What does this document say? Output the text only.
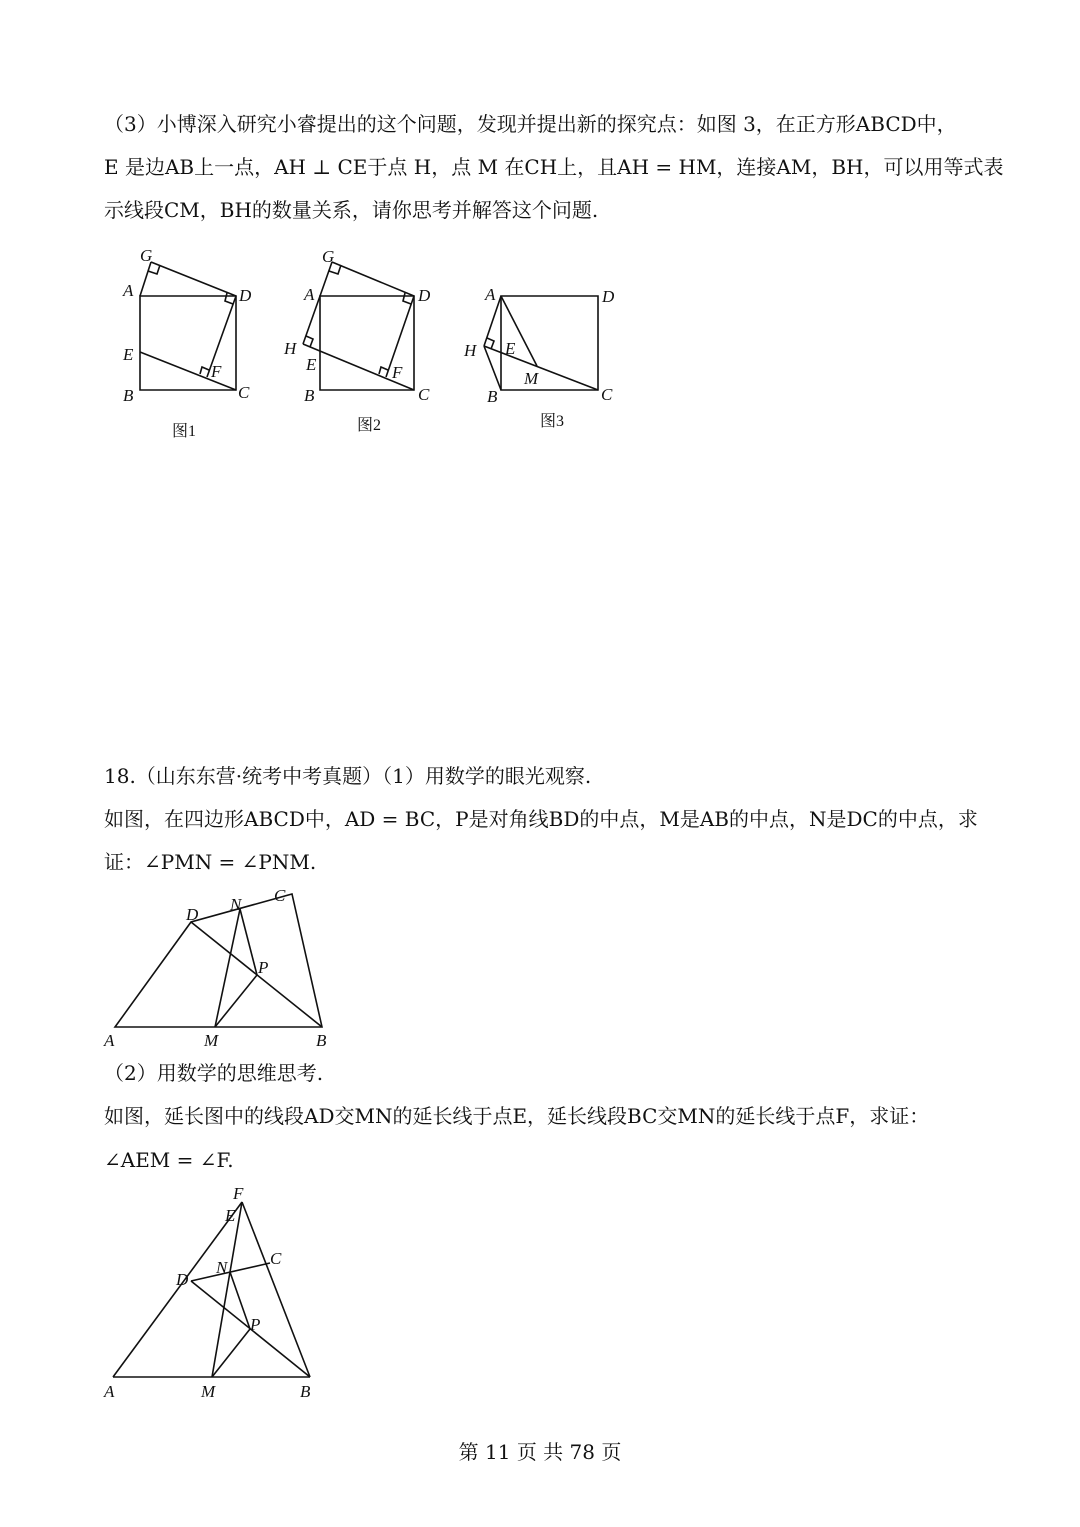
（3）小博深入研究小睿提出的这个问题，发现并提出新的探究点：如图 3，在正方形ABCD中，
E 是边AB上一点，AH ⊥ CE于点 H，点 M 在CH上，且AH = HM，连接AM，BH，可以用等式表
示线段CM，BH的数量关系，请你思考并解答这个问题.
G
A	D
E
F
B	C
图1
G
A	D
H
E	F
B	C
图2
A	D
H E
M
B	C
图3
18.（山东东营·统考中考真题）（1）用数学的眼光观察.
如图，在四边形ABCD中，AD = BC，P是对角线BD的中点，M是AB的中点，N是DC的中点，求
证：∠PMN = ∠PNM.
D
N C
P
A	M	B
（2）用数学的思维思考.
如图，延长图中的线段AD交MN的延长线于点E，延长线段BC交MN的延长线于点F，求证：
∠AEM = ∠F.
F
E
C
N
D
P
A	M	B
第 11 页 共 78 页
